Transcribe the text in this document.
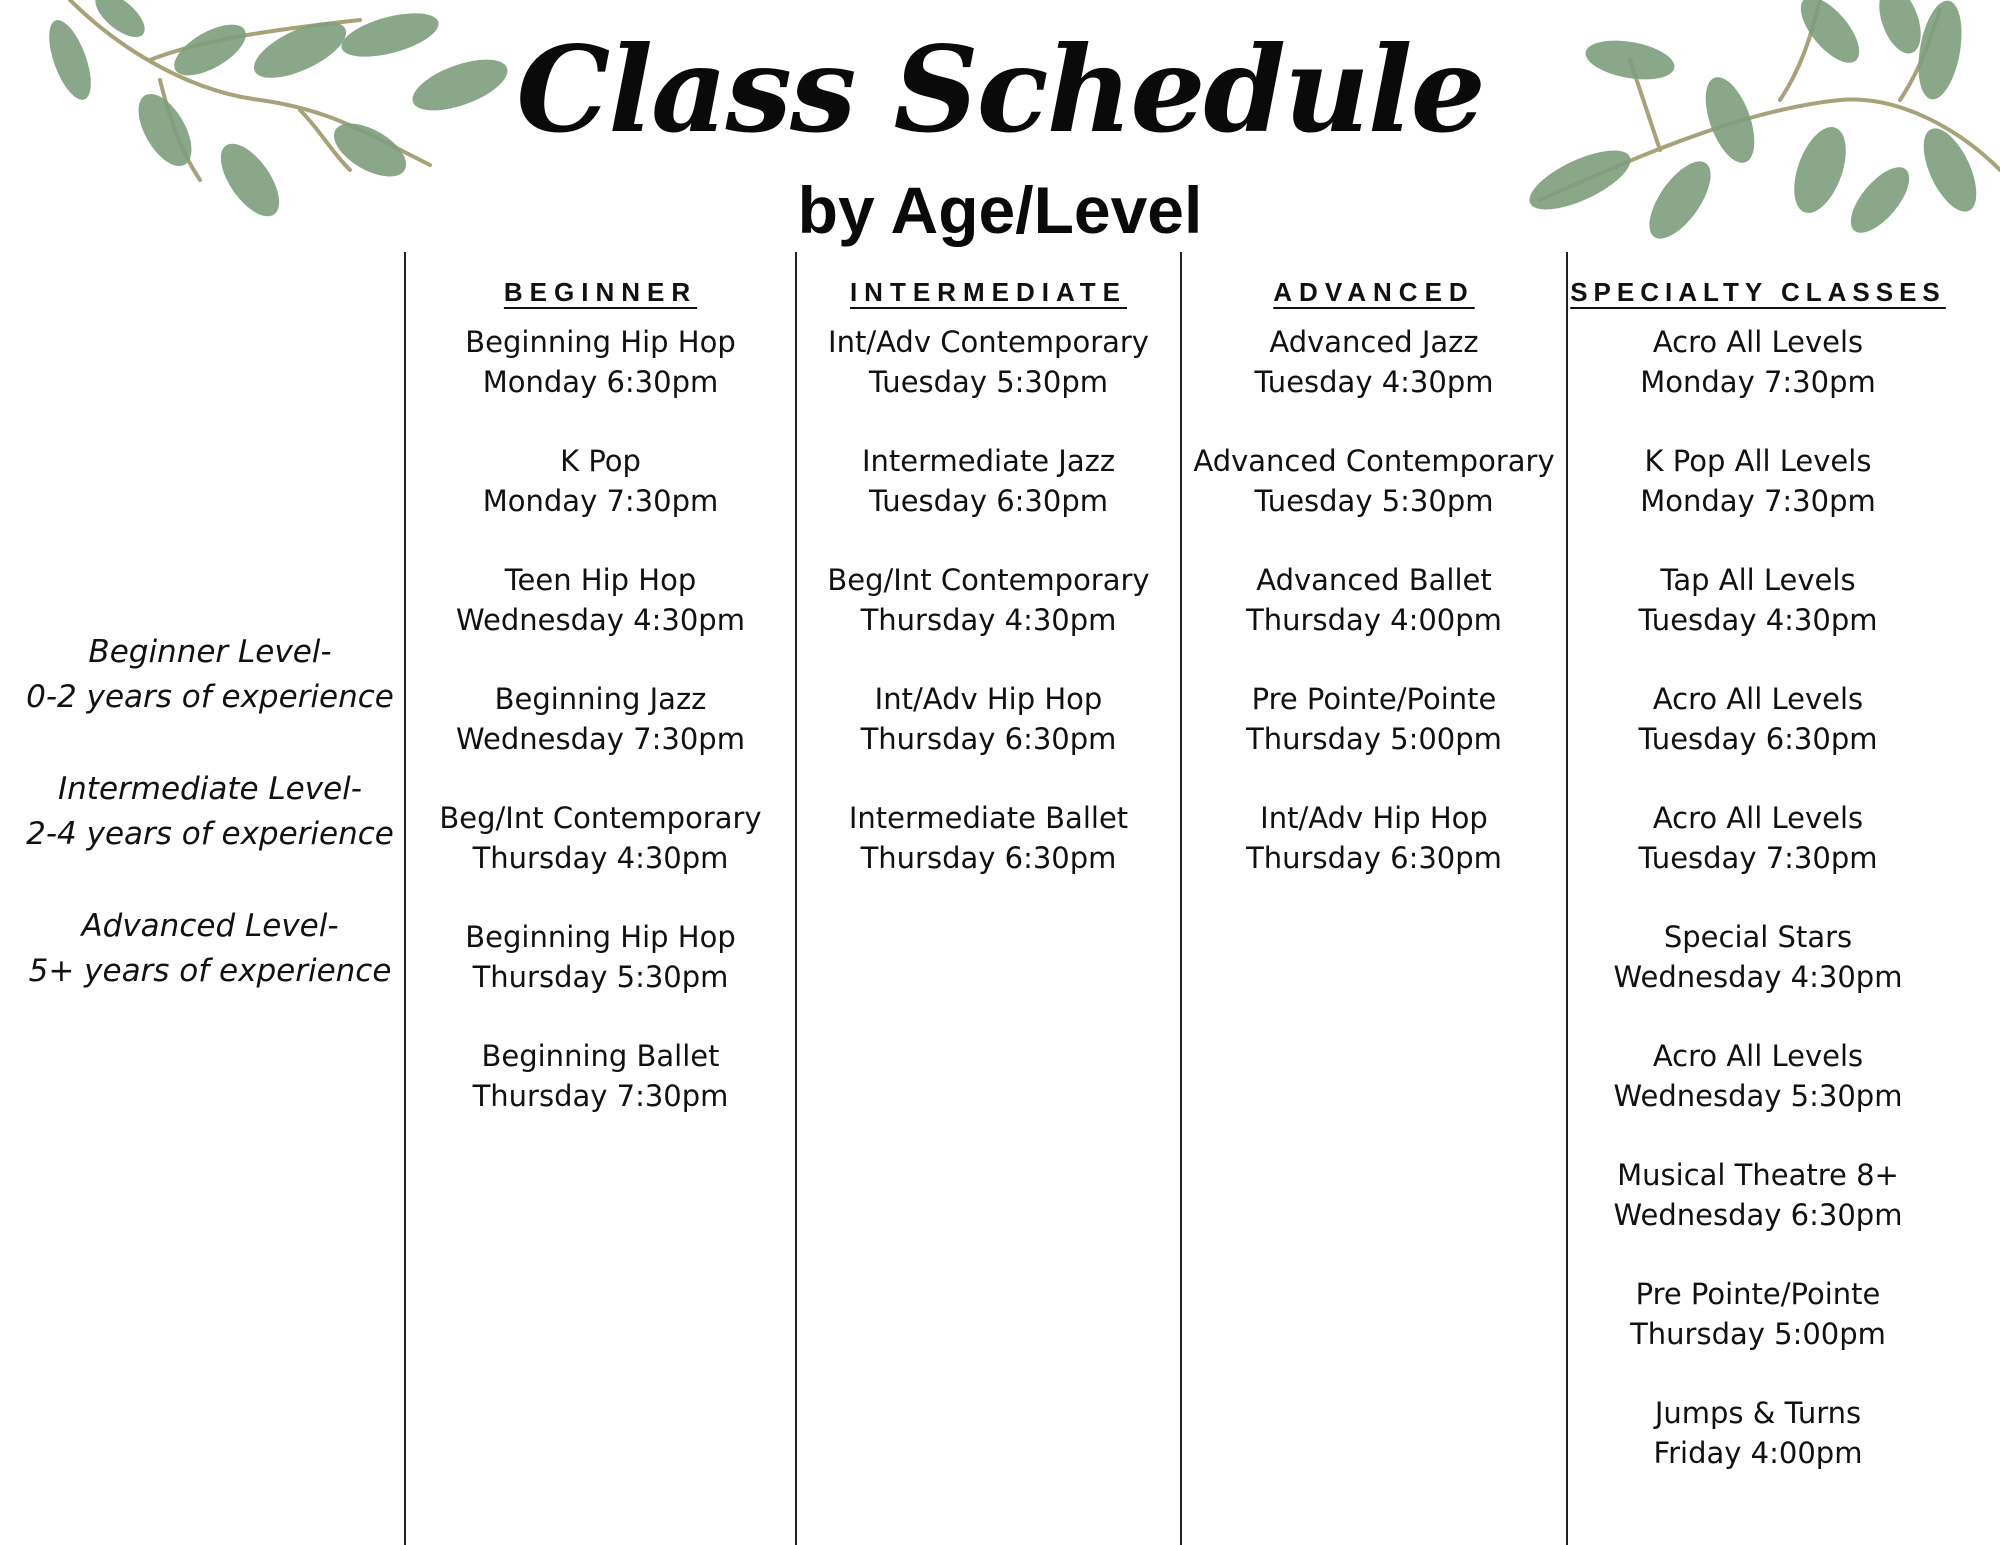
Class Schedule
by Age/Level
Beginner Level-
0-2 years of experience
Intermediate Level-
2-4 years of experience
Advanced Level-
5+ years of experience
BEGINNER
Beginning Hip Hop
Monday 6:30pm
K Pop
Monday 7:30pm
Teen Hip Hop
Wednesday 4:30pm
Beginning Jazz
Wednesday 7:30pm
Beg/Int Contemporary
Thursday 4:30pm
Beginning Hip Hop
Thursday 5:30pm
Beginning Ballet
Thursday 7:30pm
INTERMEDIATE
Int/Adv Contemporary
Tuesday 5:30pm
Intermediate Jazz
Tuesday 6:30pm
Beg/Int Contemporary
Thursday 4:30pm
Int/Adv Hip Hop
Thursday 6:30pm
Intermediate Ballet
Thursday 6:30pm
ADVANCED
Advanced Jazz
Tuesday 4:30pm
Advanced Contemporary
Tuesday 5:30pm
Advanced Ballet
Thursday 4:00pm
Pre Pointe/Pointe
Thursday 5:00pm
Int/Adv Hip Hop
Thursday 6:30pm
SPECIALTY CLASSES
Acro All Levels
Monday 7:30pm
K Pop All Levels
Monday 7:30pm
Tap All Levels
Tuesday 4:30pm
Acro All Levels
Tuesday 6:30pm
Acro All Levels
Tuesday 7:30pm
Special Stars
Wednesday 4:30pm
Acro All Levels
Wednesday 5:30pm
Musical Theatre 8+
Wednesday 6:30pm
Pre Pointe/Pointe
Thursday 5:00pm
Jumps & Turns
Friday 4:00pm
